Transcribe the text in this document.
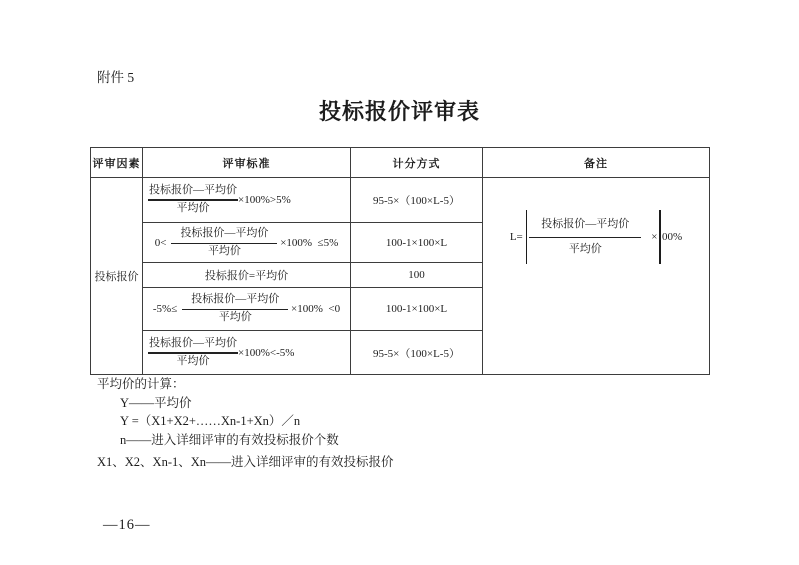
附件 5
投标报价评审表
评审因素	评审标准	计分方式	备注
投标报价
$\frac{\text{投标报价—平均价}}{\text{平均价}} \times 100\%>5\%$	95-5×（100×L-5）
$0< \frac{\text{投标报价—平均价}}{\text{平均价}} \times 100\% \le 5\%$	100-1×100×L
投标报价=平均价	100
$-5\%\le \frac{\text{投标报价—平均价}}{\text{平均价}} \times 100\% <0$	100-1×100×L
$\frac{\text{投标报价—平均价}}{\text{平均价}} \times 100\%<-5\%$	95-5×（100×L-5）
$L= \frac{\text{投标报价—平均价}}{\text{平均价}} \times 00\%$
平均价的计算：
Y——平均价
Y =（X1+X2+……Xn-1+Xn）／n
n——进入详细评审的有效投标报价个数
X1、X2、Xn-1、Xn——进入详细评审的有效投标报价
—16—
